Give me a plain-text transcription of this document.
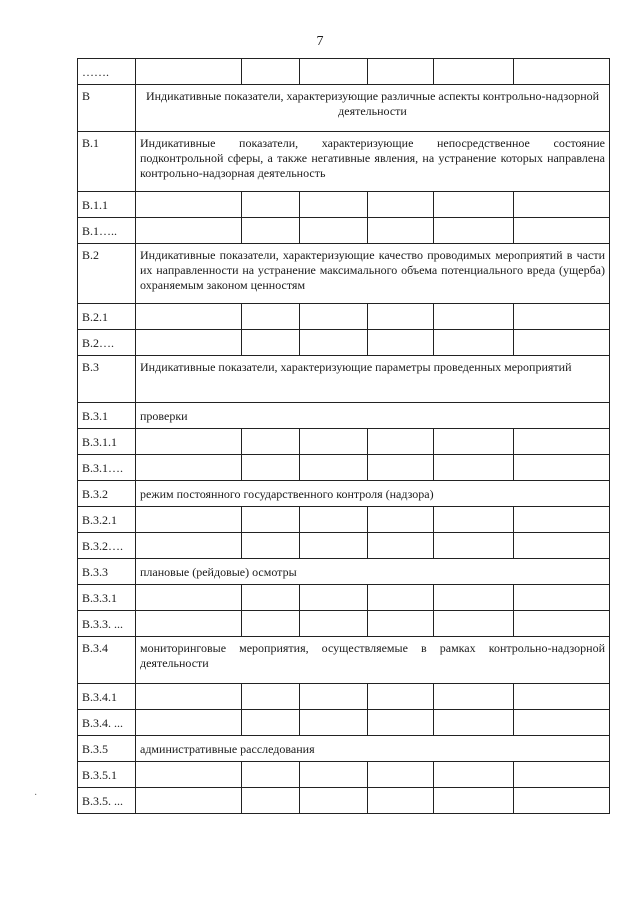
7
…….						
В	Индикативные показатели, характеризующие различные аспекты контрольно-надзорной деятельности					
В.1	Индикативные показатели, характеризующие непосредственное состояние подконтрольной сферы, а также негативные явления, на устранение которых направлена контрольно-надзорная деятельность					
В.1.1						
В.1…..						
В.2	Индикативные показатели, характеризующие качество проводимых мероприятий в части их направленности на устранение максимального объема потенциального вреда (ущерба) охраняемым законом ценностям					
В.2.1						
В.2….						
В.3	Индикативные показатели, характеризующие параметры проведенных мероприятий					
В.3.1	проверки					
В.3.1.1						
В.3.1….						
В.3.2	режим постоянного государственного контроля (надзора)					
В.3.2.1						
В.3.2….						
В.3.3	плановые (рейдовые) осмотры					
В.3.3.1						
В.3.3. ...						
В.3.4	мониторинговые мероприятия, осуществляемые в рамках контрольно-надзорной деятельности					
В.3.4.1						
В.3.4. ...						
В.3.5	административные расследования					
В.3.5.1						
В.3.5. ...						
·
